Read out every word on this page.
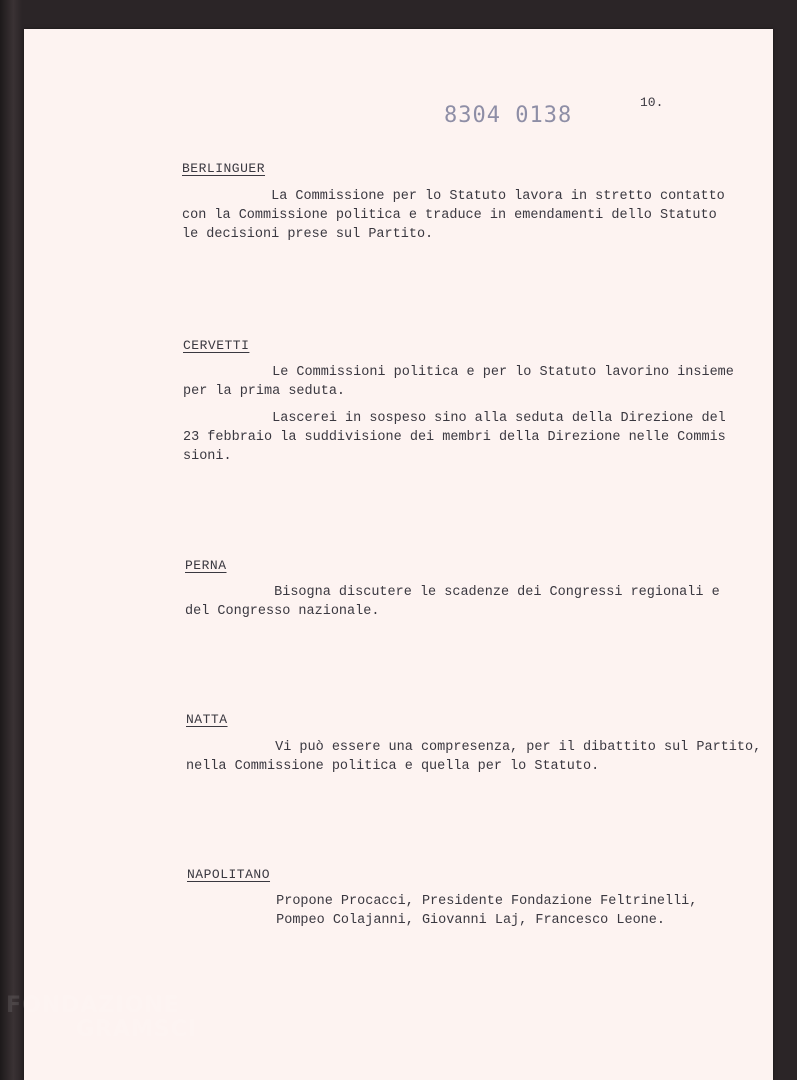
8304 0138
10.
BERLINGUER
La Commissione per lo Statuto lavora in stretto contatto
con la Commissione politica e traduce in emendamenti dello Statuto
le decisioni prese sul Partito.
CERVETTI
Le Commissioni politica e per lo Statuto lavorino insieme
per la prima seduta.
Lascerei in sospeso sino alla seduta della Direzione del
23 febbraio la suddivisione dei membri della Direzione nelle Commis
sioni.
PERNA
Bisogna discutere le scadenze dei Congressi regionali e
del Congresso nazionale.
NATTA
Vi può essere una compresenza, per il dibattito sul Partito,
nella Commissione politica e quella per lo Statuto.
NAPOLITANO
Propone Procacci, Presidente Fondazione Feltrinelli,
Pompeo Colajanni, Giovanni Laj, Francesco Leone.
FONDAZIONE
GRAMSCI
